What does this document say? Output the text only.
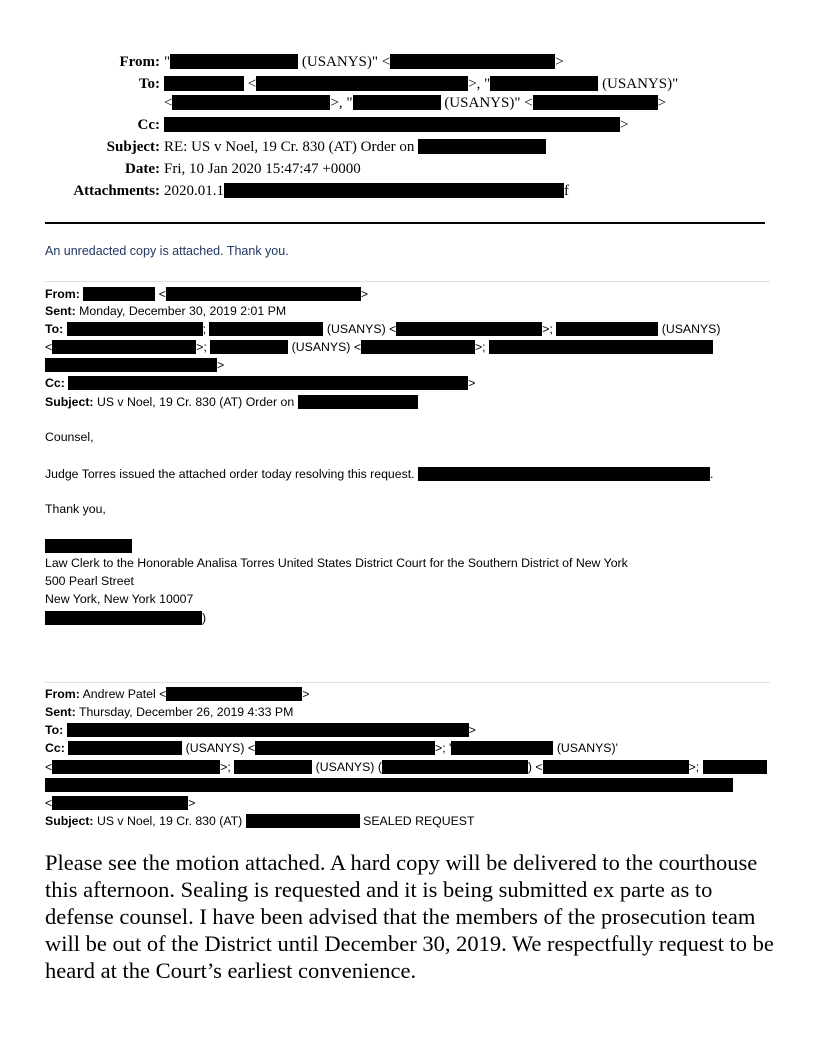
From: "	(USANYS)" <	>
To:	<	>, "	(USANYS)"
<	>, "	(USANYS)" <	>
Cc:	>
Subject: RE: US v Noel, 19 Cr. 830 (AT) Order on
Date: Fri, 10 Jan 2020 15:47:47 +0000
Attachments: 2020.01.1	f
An unredacted copy is attached. Thank you.
From:	<	>
Sent: Monday, December 30, 2019 2:01 PM
To:	;	(USANYS) <	>;	(USANYS)
<	>;	(USANYS) <	>;
>
Cc:	>
Subject: US v Noel, 19 Cr. 830 (AT) Order on
Counsel,
Judge Torres issued the attached order today resolving this request.	.
Thank you,
Law Clerk to the Honorable Analisa Torres United States District Court for the Southern District of New York
500 Pearl Street
New York, New York 10007
)
From: Andrew Patel <	>
Sent: Thursday, December 26, 2019 4:33 PM
To:	>
Cc:	(USANYS) <	>; '	(USANYS)'
<	>;	(USANYS) (	) <	>;
<	>
Subject: US v Noel, 19 Cr. 830 (AT)	SEALED REQUEST
Please see the motion attached. A hard copy will be delivered to the courthouse this afternoon. Sealing is requested and it is being submitted ex parte as to defense counsel. I have been advised that the members of the prosecution team will be out of the District until December 30, 2019. We respectfully request to be heard at the Court’s earliest convenience.
